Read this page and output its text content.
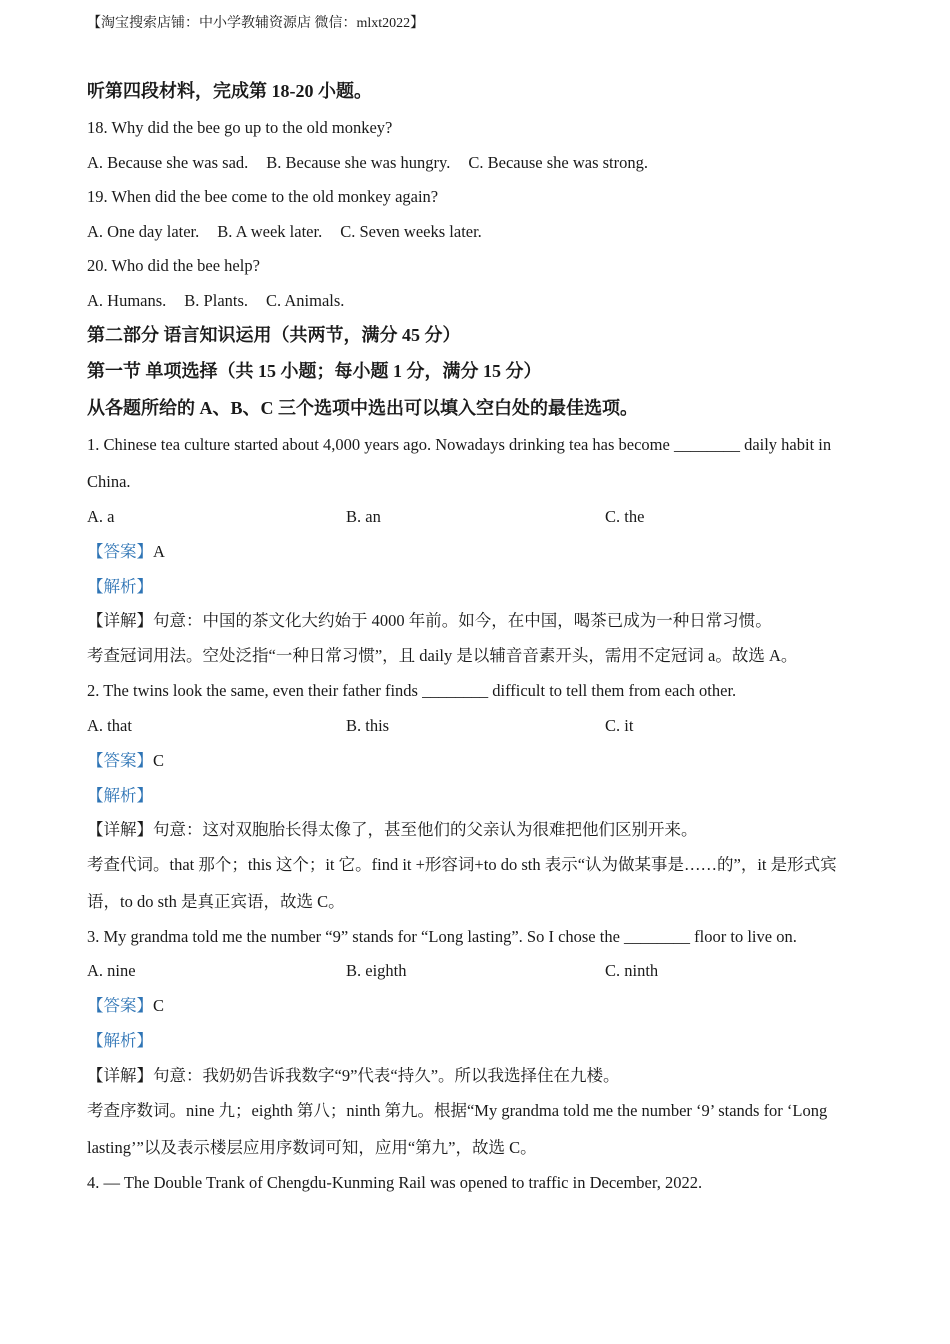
【淘宝搜索店铺：中小学教辅资源店 微信：mlxt2022】
听第四段材料，完成第 18-20 小题。
18. Why did the bee go up to the old monkey?
A. Because she was sad. B. Because she was hungry. C. Because she was strong.
19. When did the bee come to the old monkey again?
A. One day later. B. A week later. C. Seven weeks later.
20. Who did the bee help?
A. Humans. B. Plants. C. Animals.
第二部分 语言知识运用（共两节，满分 45 分）
第一节 单项选择（共 15 小题；每小题 1 分，满分 15 分）
从各题所给的 A、B、C 三个选项中选出可以填入空白处的最佳选项。
1. Chinese tea culture started about 4,000 years ago. Nowadays drinking tea has become ________ daily habit in
China.
A. a	B. an	C. the
【答案】A
【解析】
【详解】句意：中国的茶文化大约始于 4000 年前。如今，在中国，喝茶已成为一种日常习惯。
考查冠词用法。空处泛指“一种日常习惯”，且 daily 是以辅音音素开头，需用不定冠词 a。故选 A。
2. The twins look the same, even their father finds ________ difficult to tell them from each other.
A. that	B. this	C. it
【答案】C
【解析】
【详解】句意：这对双胞胎长得太像了，甚至他们的父亲认为很难把他们区别开来。
考查代词。that 那个；this 这个；it 它。find it +形容词+to do sth 表示“认为做某事是……的”，it 是形式宾
语，to do sth 是真正宾语，故选 C。
3. My grandma told me the number “9” stands for “Long lasting”. So I chose the ________ floor to live on.
A. nine	B. eighth	C. ninth
【答案】C
【解析】
【详解】句意：我奶奶告诉我数字“9”代表“持久”。所以我选择住在九楼。
考查序数词。nine 九；eighth 第八；ninth 第九。根据“My grandma told me the number ‘9’ stands for ‘Long
lasting’”以及表示楼层应用序数词可知，应用“第九”，故选 C。
4. — The Double Trank of Chengdu-Kunming Rail was opened to traffic in December, 2022.
